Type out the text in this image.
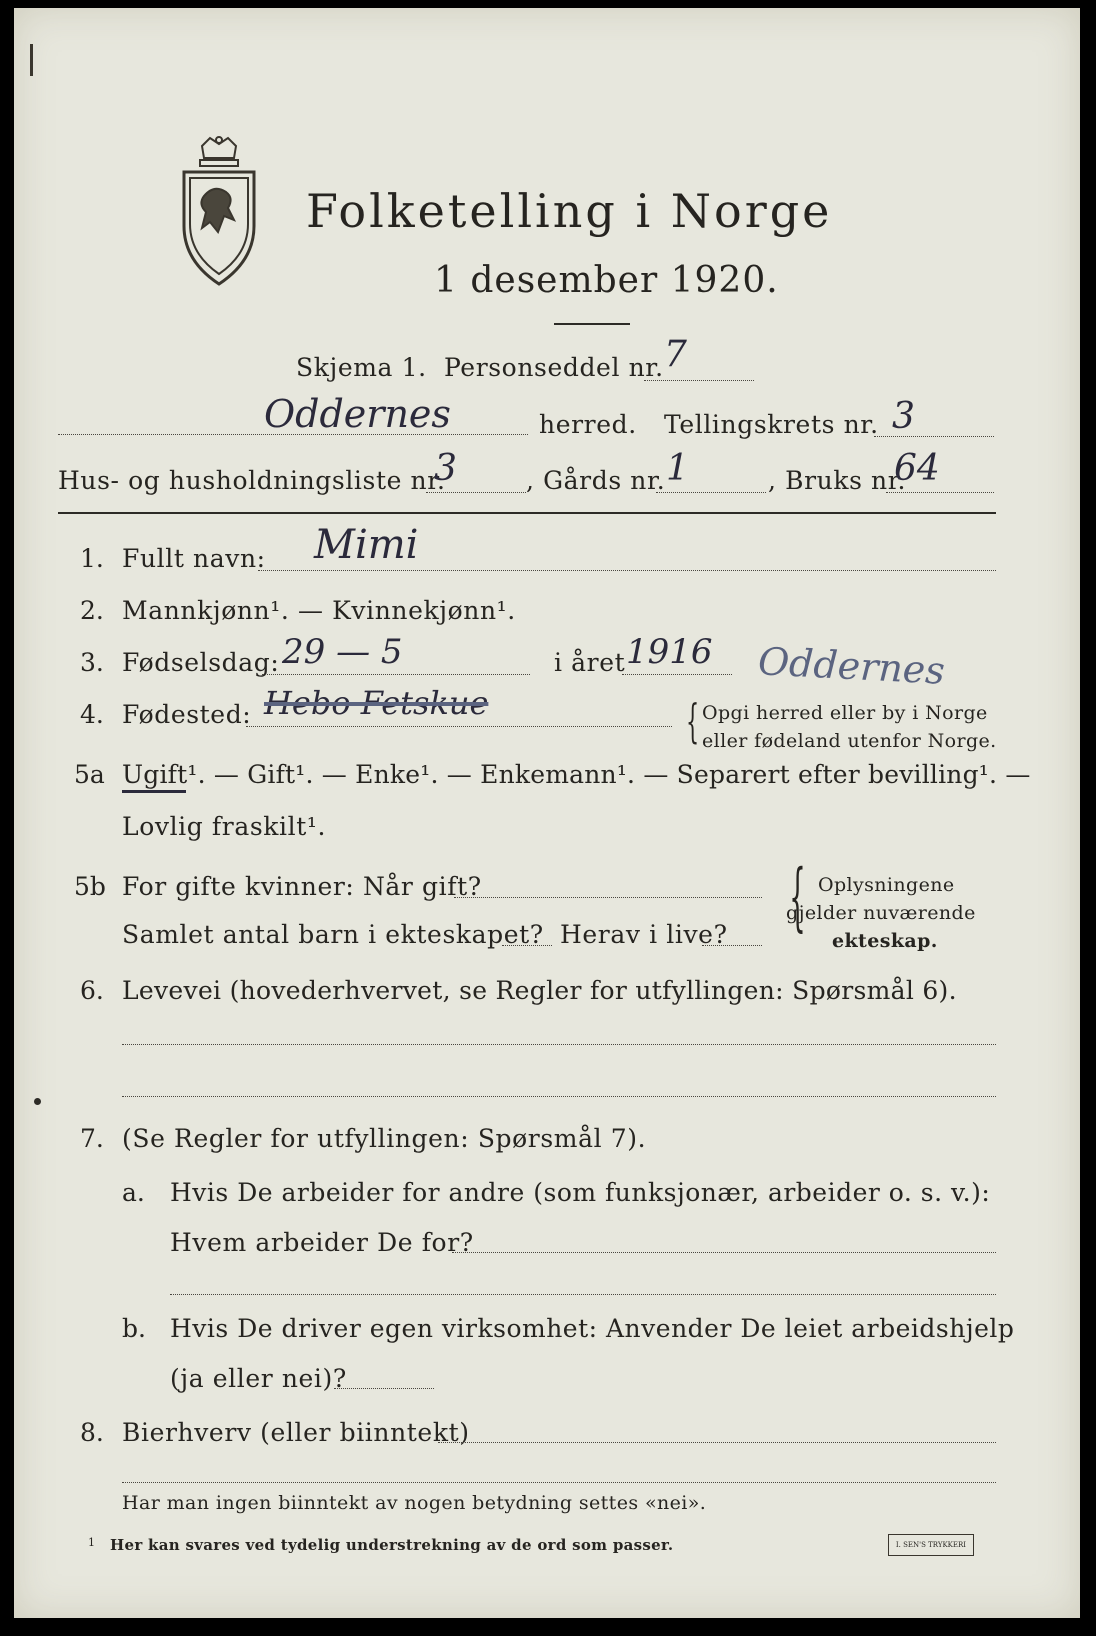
Folketelling i Norge
1 desember 1920.
Skjema 1. Personseddel nr. 7
Oddernes	herred. Tellingskrets nr. 3
Hus- og husholdningsliste nr.
3	, Gårds nr. 1	, Bruks nr.
64
1. Fullt navn: Mimi
2. Mannkjønn¹. — Kvinnekjønn¹.
3. Fødselsdag: 29 — 5	i året 1916 Oddernes
4. Fødested: Hebo Fetskue	{ Opgi herred eller by i Norge
eller fødeland utenfor Norge.
5a Ugift¹. — Gift¹. — Enke¹. — Enkemann¹. — Separert efter bevilling¹. —
Lovlig fraskilt¹.
5b For gifte kvinner: Når gift?
Samlet antal barn i ekteskapet? Herav i live? { Oplysningene
gjelder nuværende
ekteskap.
6. Levevei (hovederhvervet, se Regler for utfyllingen: Spørsmål 6).
7. (Se Regler for utfyllingen: Spørsmål 7).
a. Hvis De arbeider for andre (som funksjonær, arbeider o. s. v.):
Hvem arbeider De for?
b. Hvis De driver egen virksomhet: Anvender De leiet arbeidshjelp
(ja eller nei)?
8. Bierhverv (eller biinntekt)
Har man ingen biinntekt av nogen betydning settes «nei».
1 Her kan svares ved tydelig understrekning av de ord som passer.	I. SEN'S TRYKKERI
